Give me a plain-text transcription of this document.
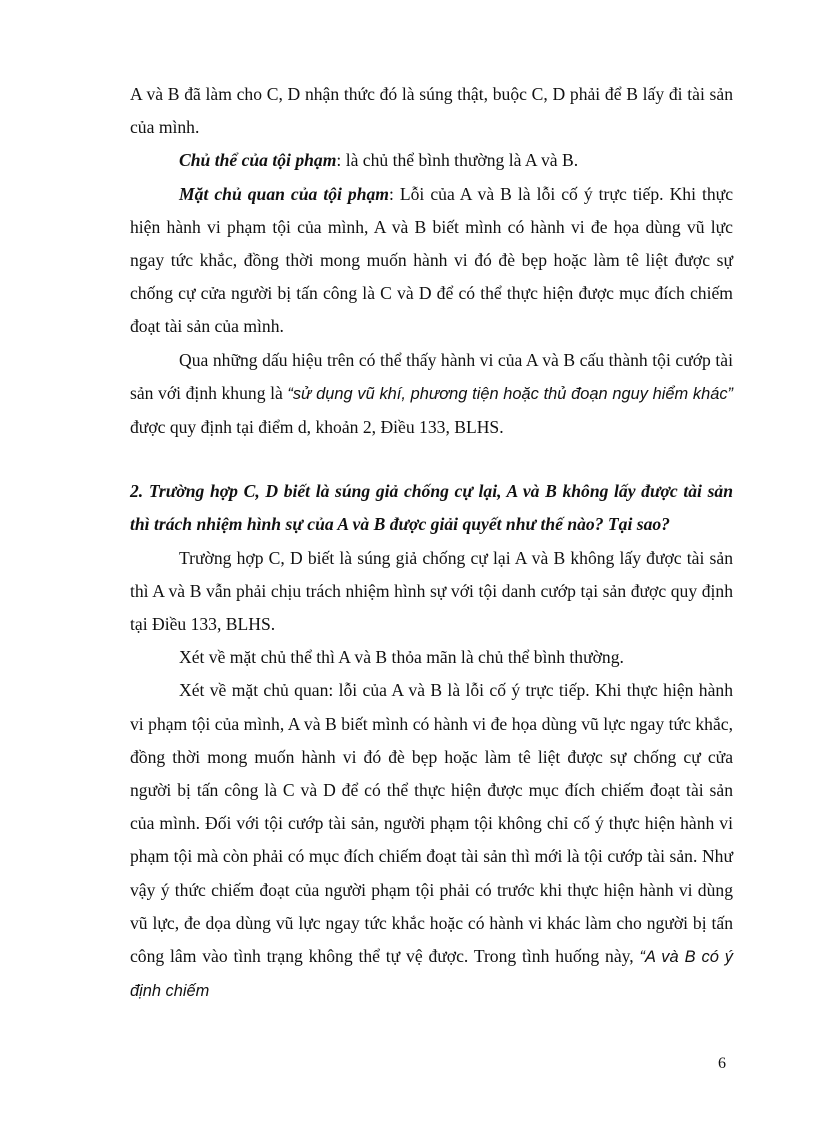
A và B đã làm cho C, D nhận thức đó là súng thật, buộc C, D phải để B lấy đi tài sản của mình.

Chủ thể của tội phạm: là chủ thể bình thường là A và B.

Mặt chủ quan của tội phạm: Lỗi của A và B là lỗi cố ý trực tiếp. Khi thực hiện hành vi phạm tội của mình, A và B biết mình có hành vi đe họa dùng vũ lực ngay tức khắc, đồng thời mong muốn hành vi đó đè bẹp hoặc làm tê liệt được sự chống cự cửa người bị tấn công là C và D để có thể thực hiện được mục đích chiếm đoạt tài sản của mình.

Qua những dấu hiệu trên có thể thấy hành vi của A và B cấu thành tội cướp tài sản với định khung là “sử dụng vũ khí, phương tiện hoặc thủ đoạn nguy hiểm khác” được quy định tại điểm d, khoản 2, Điều 133, BLHS.

2. Trường hợp C, D biết là súng giả chống cự lại, A và B không lấy được tài sản thì trách nhiệm hình sự của A và B được giải quyết như thế nào? Tại sao?

Trường hợp C, D biết là súng giả chống cự lại A và B không lấy được tài sản thì A và B vẫn phải chịu trách nhiệm hình sự với tội danh cướp tại sản được quy định tại Điều 133, BLHS.

Xét về mặt chủ thể thì A và B thỏa mãn là chủ thể bình thường.

Xét về mặt chủ quan: lỗi của A và B là lỗi cố ý trực tiếp. Khi thực hiện hành vi phạm tội của mình, A và B biết mình có hành vi đe họa dùng vũ lực ngay tức khắc, đồng thời mong muốn hành vi đó đè bẹp hoặc làm tê liệt được sự chống cự cửa người bị tấn công là C và D để có thể thực hiện được mục đích chiếm đoạt tài sản của mình. Đối với tội cướp tài sản, người phạm tội không chỉ cố ý thực hiện hành vi phạm tội mà còn phải có mục đích chiếm đoạt tài sản thì mới là tội cướp tài sản. Như vậy ý thức chiếm đoạt của người phạm tội phải có trước khi thực hiện hành vi dùng vũ lực, đe dọa dùng vũ lực ngay tức khắc hoặc có hành vi khác làm cho người bị tấn công lâm vào tình trạng không thể tự vệ được. Trong tình huống này, “A và B có ý định chiếm

6
